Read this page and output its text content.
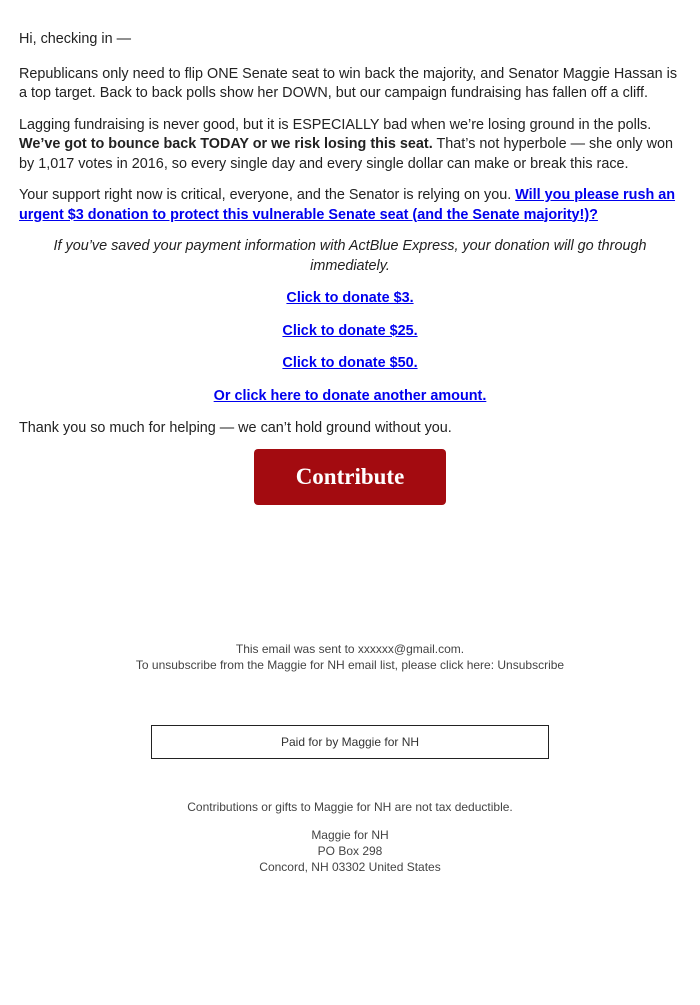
Hi, checking in —

Republicans only need to flip ONE Senate seat to win back the majority, and Senator Maggie Hassan is a top target. Back to back polls show her DOWN, but our campaign fundraising has fallen off a cliff.

Lagging fundraising is never good, but it is ESPECIALLY bad when we’re losing ground in the polls. We’ve got to bounce back TODAY or we risk losing this seat. That’s not hyperbole — she only won by 1,017 votes in 2016, so every single day and every single dollar can make or break this race.

Your support right now is critical, everyone, and the Senator is relying on you. Will you please rush an urgent $3 donation to protect this vulnerable Senate seat (and the Senate majority!)?

If you’ve saved your payment information with ActBlue Express, your donation will go through immediately.

Click to donate $3.

Click to donate $25.

Click to donate $50.

Or click here to donate another amount.

Thank you so much for helping — we can’t hold ground without you.

Contribute
This email was sent to xxxxxx@gmail.com.
To unsubscribe from the Maggie for NH email list, please click here: Unsubscribe
Paid for by Maggie for NH
Contributions or gifts to Maggie for NH are not tax deductible.
Maggie for NH
PO Box 298
Concord, NH 03302 United States
